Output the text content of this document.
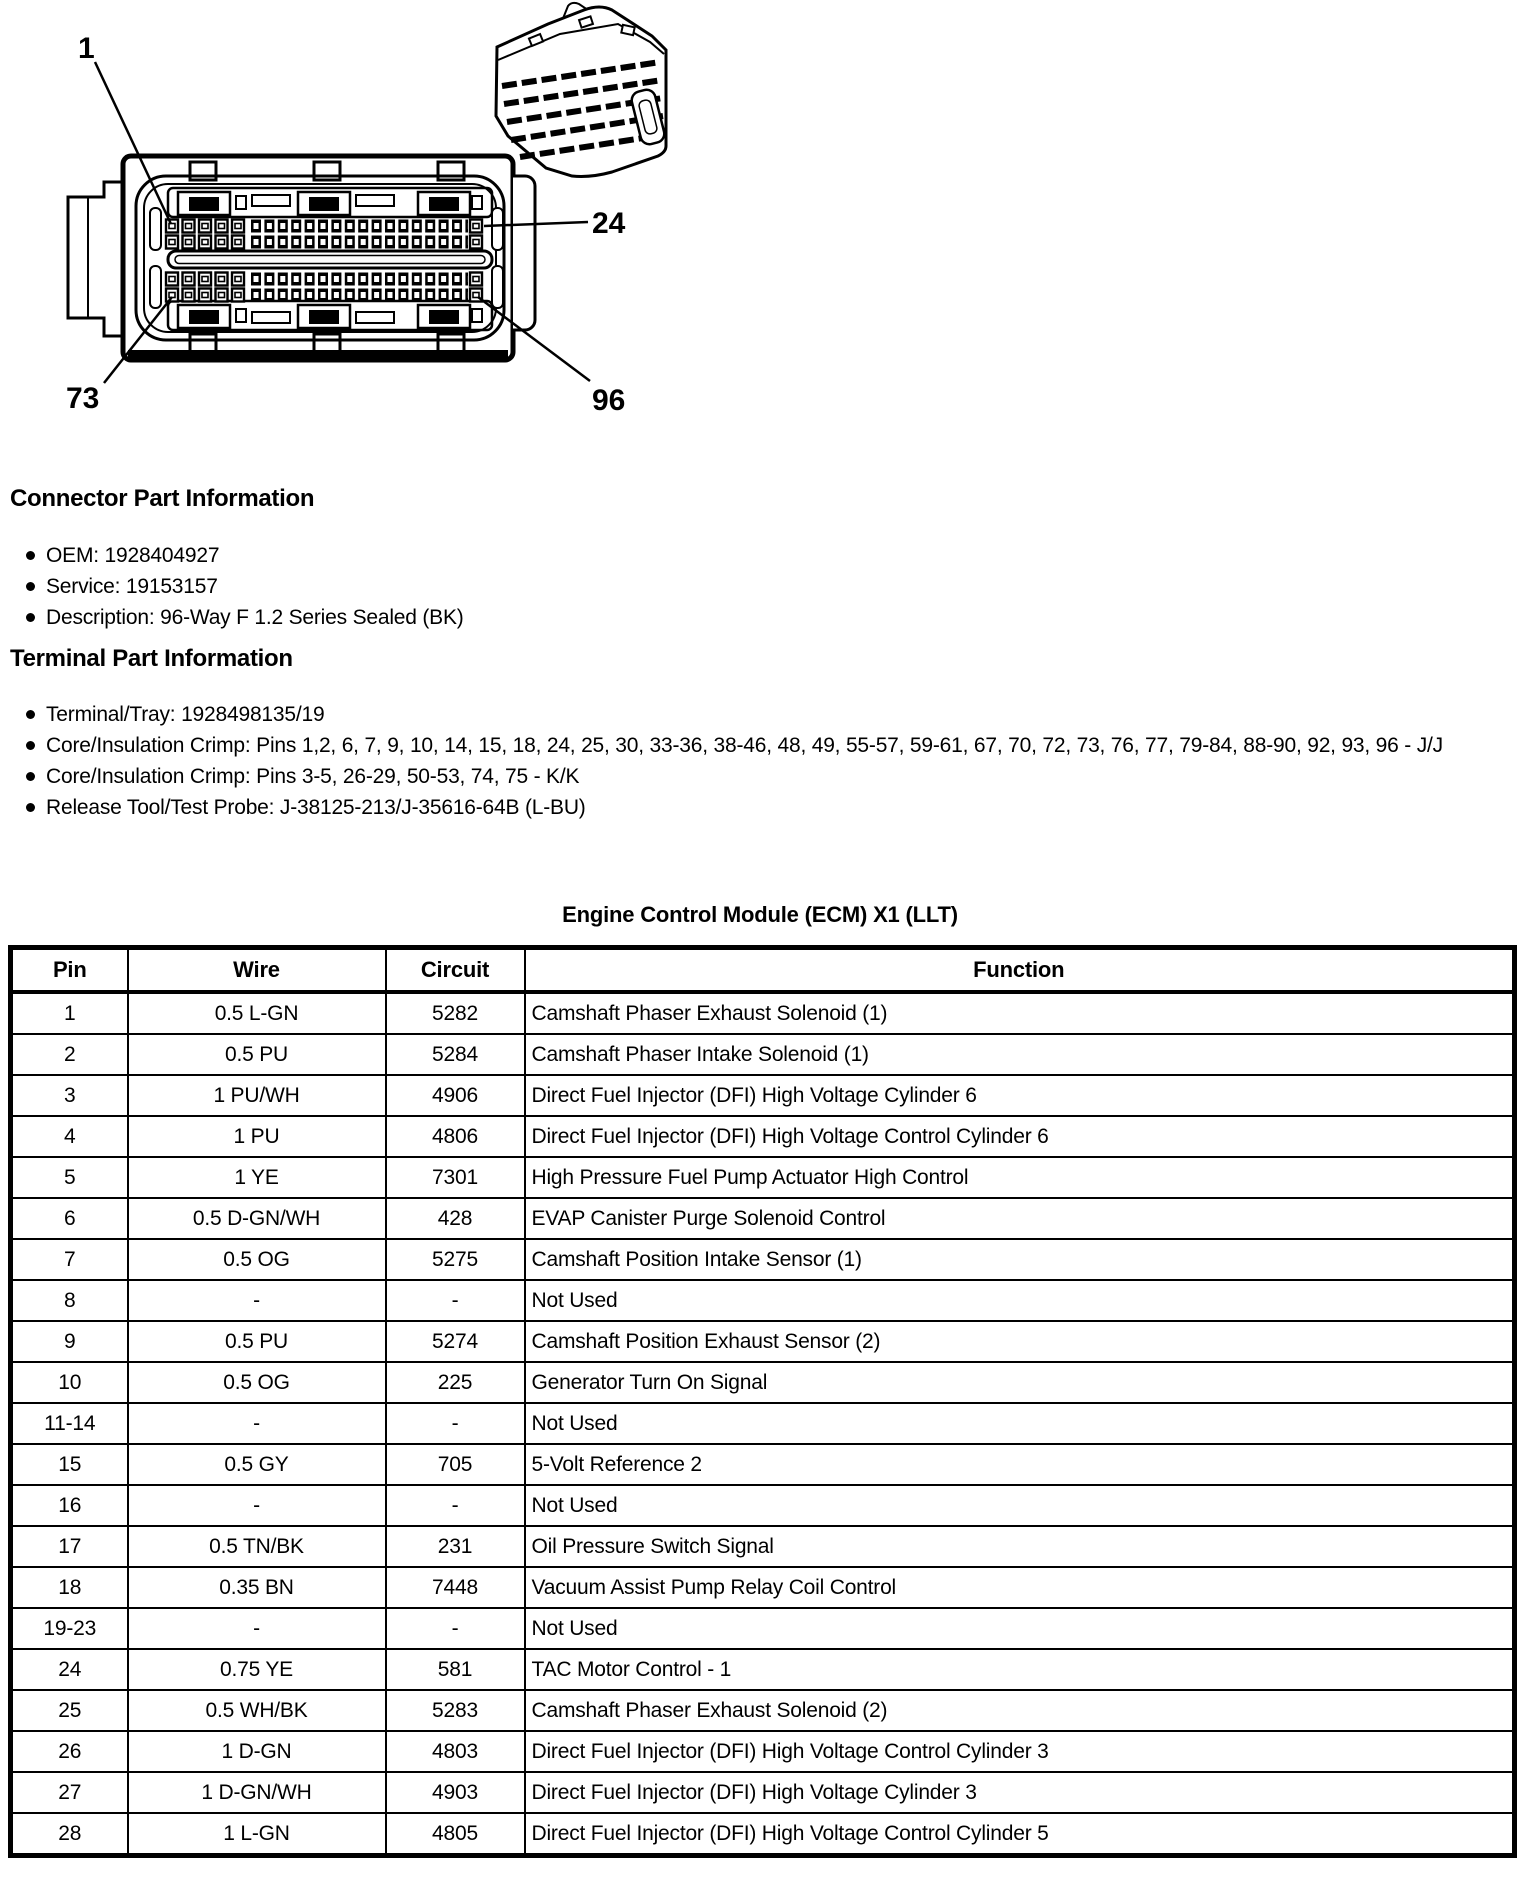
1
24
73	96
Connector Part Information
OEM: 1928404927
Service: 19153157
Description: 96-Way F 1.2 Series Sealed (BK)
Terminal Part Information
Terminal/Tray: 1928498135/19
Core/Insulation Crimp: Pins 1,2, 6, 7, 9, 10, 14, 15, 18, 24, 25, 30, 33-36, 38-46, 48, 49, 55-57, 59-61, 67, 70, 72, 73, 76, 77, 79-84, 88-90, 92, 93, 96 - J/J
Core/Insulation Crimp: Pins 3-5, 26-29, 50-53, 74, 75 - K/K
Release Tool/Test Probe: J-38125-213/J-35616-64B (L-BU)
Engine Control Module (ECM) X1 (LLT)
Pin	Wire	Circuit	Function
1	0.5 L-GN	5282	Camshaft Phaser Exhaust Solenoid (1)
2	0.5 PU	5284	Camshaft Phaser Intake Solenoid (1)
3	1 PU/WH	4906	Direct Fuel Injector (DFI) High Voltage Cylinder 6
4	1 PU	4806	Direct Fuel Injector (DFI) High Voltage Control Cylinder 6
5	1 YE	7301	High Pressure Fuel Pump Actuator High Control
6	0.5 D-GN/WH	428	EVAP Canister Purge Solenoid Control
7	0.5 OG	5275	Camshaft Position Intake Sensor (1)
8	-	-	Not Used
9	0.5 PU	5274	Camshaft Position Exhaust Sensor (2)
10	0.5 OG	225	Generator Turn On Signal
11-14	-	-	Not Used
15	0.5 GY	705	5-Volt Reference 2
16	-	-	Not Used
17	0.5 TN/BK	231	Oil Pressure Switch Signal
18	0.35 BN	7448	Vacuum Assist Pump Relay Coil Control
19-23	-	-	Not Used
24	0.75 YE	581	TAC Motor Control - 1
25	0.5 WH/BK	5283	Camshaft Phaser Exhaust Solenoid (2)
26	1 D-GN	4803	Direct Fuel Injector (DFI) High Voltage Control Cylinder 3
27	1 D-GN/WH	4903	Direct Fuel Injector (DFI) High Voltage Cylinder 3
28	1 L-GN	4805	Direct Fuel Injector (DFI) High Voltage Control Cylinder 5
